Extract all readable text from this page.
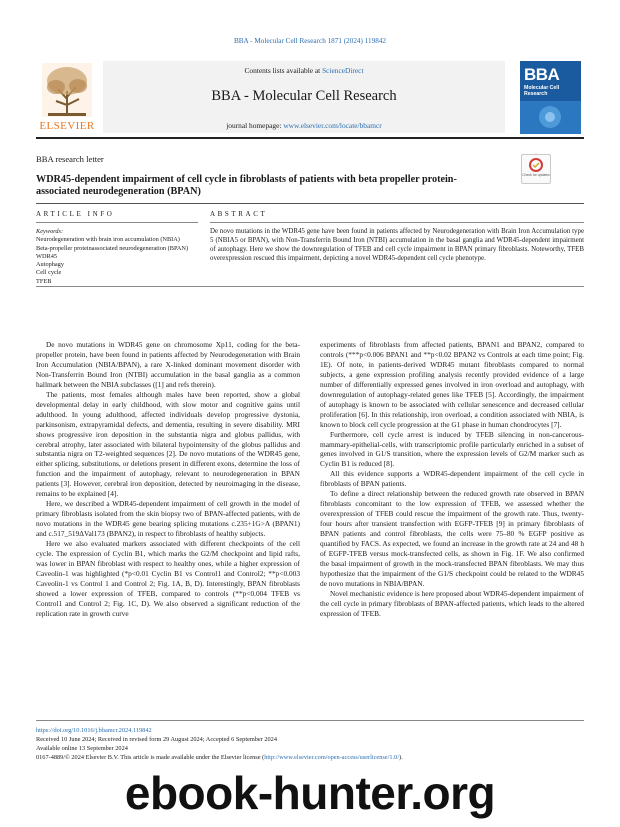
BBA - Molecular Cell Research 1871 (2024) 119842
Contents lists available at ScienceDirect
BBA - Molecular Cell Research
journal homepage: www.elsevier.com/locate/bbamcr
ELSEVIER
BBA
Molecular Cell Research
BBA research letter
WDR45-dependent impairment of cell cycle in fibroblasts of patients with beta propeller protein-associated neurodegeneration (BPAN)
Check for updates
ARTICLE INFO
Keywords:
Neurodegeneration with brain iron accumulation (NBIA)
Beta-propeller proteinassociated neurodegeneration (BPAN)
WDR45
Autophagy
Cell cycle
TFEB
ABSTRACT
De novo mutations in the WDR45 gene have been found in patients affected by Neurodegeneration with Brain Iron Accumulation type 5 (NBIA5 or BPAN), with Non-Transferrin Bound Iron (NTBI) accumulation in the basal ganglia and WDR45-dependent impairment of autophagy. Here we show the downregulation of TFEB and cell cycle impairment in BPAN primary fibroblasts. Noteworthy, TFEB overexpression rescued this impairment, depicting a novel WDR45-dependent cell cycle phenotype.

De novo mutations in WDR45 gene on chromosome Xp11, coding for the beta-propeller protein, have been found in patients affected by Neurodegeneration with Brain Iron Accumulation (NBIA/BPAN), a rare X-linked dominant movement disorder with Non-Transferrin Bound Iron (NTBI) accumulation in the basal ganglia as a common hallmark between the NBIA subclasses ([1] and refs therein).

The patients, most females although males have been reported, show a global developmental delay in early childhood, with slow motor and cognitive gains until adulthood. In young adulthood, affected individuals develop progressive dystonia, parkinsonism, extrapyramidal defects, and dementia, resulting in severe disability. MRI shows progressive iron deposition in the substantia nigra and globus pallidus, with cerebral atrophy, later associated with bilateral hypointensity of the globus pallidus and substantia nigra on T2-weighted sequences [2]. De novo mutations of the WDR45 gene, either splicing, substitutions, or deletions present in different exons, determine the loss of function and the impairment of autophagy, relevant to neurodegeneration in BPAN patients [3]. However, cerebral iron deposition, detected by neuroimaging in the disease, remains to be explained [4].

Here, we described a WDR45-dependent impairment of cell growth in the model of primary fibroblasts isolated from the skin biopsy two of BPAN-affected patients, with de novo mutations in the WDR45 gene bearing splicing mutations c.235+1G>A (BPAN1) and c.517_519ΔVal173 (BPAN2), in respect to fibroblasts of healthy subjects.

Here we also evaluated markers associated with different checkpoints of the cell cycle. The expression of Cyclin B1, which marks the G2/M checkpoint and lipid rafts, was lower in BPAN fibroblast with respect to healthy ones, while a higher expression of Caveolin-1 was highlighted (*p<0.01 Cyclin B1 vs Control1 and Control2; **p<0.003 Caveolin-1 vs Control 1 and Control 2; Fig. 1A, B, D). Interestingly, BPAN fibroblasts showed a lower expression of TFEB, compared to controls (**p<0.004 TFEB vs Control1 and Control 2; Fig. 1C, D). We also observed a significant reduction of the replication rate in growth curve

experiments of fibroblasts from affected patients, BPAN1 and BPAN2, compared to controls (***p<0.006 BPAN1 and **p<0.02 BPAN2 vs Controls at each time point; Fig. 1E). Of note, in patients-derived WDR45 mutant fibroblasts compared to normal subjects, a gene expression profiling analysis recently provided evidence of a large number of differentially expressed genes involved in iron overload and autophagy, with downregulation of autophagy-related genes like TFEB [5]. Accordingly, the impairment of autophagy is known to be associated with cellular senescence and decreased cellular proliferation [6]. In this relationship, iron overload, a condition associated with NBIA, is known to block cell cycle progression at the G1 phase in human chondrocytes [7].

Furthermore, cell cycle arrest is induced by TFEB silencing in non-cancerous-mammary-epithelial-cells, with transcriptomic profile particularly enriched in a subset of genes involved in G1/S transition, where the expression levels of G2/M marker such as Cyclin B1 is reduced [8].

All this evidence supports a WDR45-dependent impairment of the cell cycle in fibroblasts of BPAN patients.

To define a direct relationship between the reduced growth rate observed in BPAN fibroblasts concomitant to the low expression of TFEB, we assessed whether the overexpression of TFEB could rescue the impairment of the growth rate. Thus, twenty-four hours after transient transfection with EGFP-TFEB [9] in primary fibroblasts of BPAN patients and control fibroblasts, the cells were 75–80 % EGFP positive as quantified by FACS. As expected, we found an increase in the growth rate at 24 and 48 h of EGFP-TFEB versus mock-transfected cells, as shown in Fig. 1F. We also confirmed the basal impairment of growth in the mock-transfected BPAN fibroblasts. We may thus hypothesize that the impairment of the G1/S checkpoint could be related to the WDR45 de novo mutations in NBIA/BPAN.

Novel mechanistic evidence is here proposed about WDR45-dependent impairment of the cell cycle in primary fibroblasts of BPAN-affected patients, which leads to the altered expression of TFEB.

https://doi.org/10.1016/j.bbamcr.2024.119842
Received 10 June 2024; Received in revised form 29 August 2024; Accepted 6 September 2024
Available online 13 September 2024
0167-4889/© 2024 Elsevier B.V. This article is made available under the Elsevier license (http://www.elsevier.com/open-access/userlicense/1.0/).
ebook-hunter.org
